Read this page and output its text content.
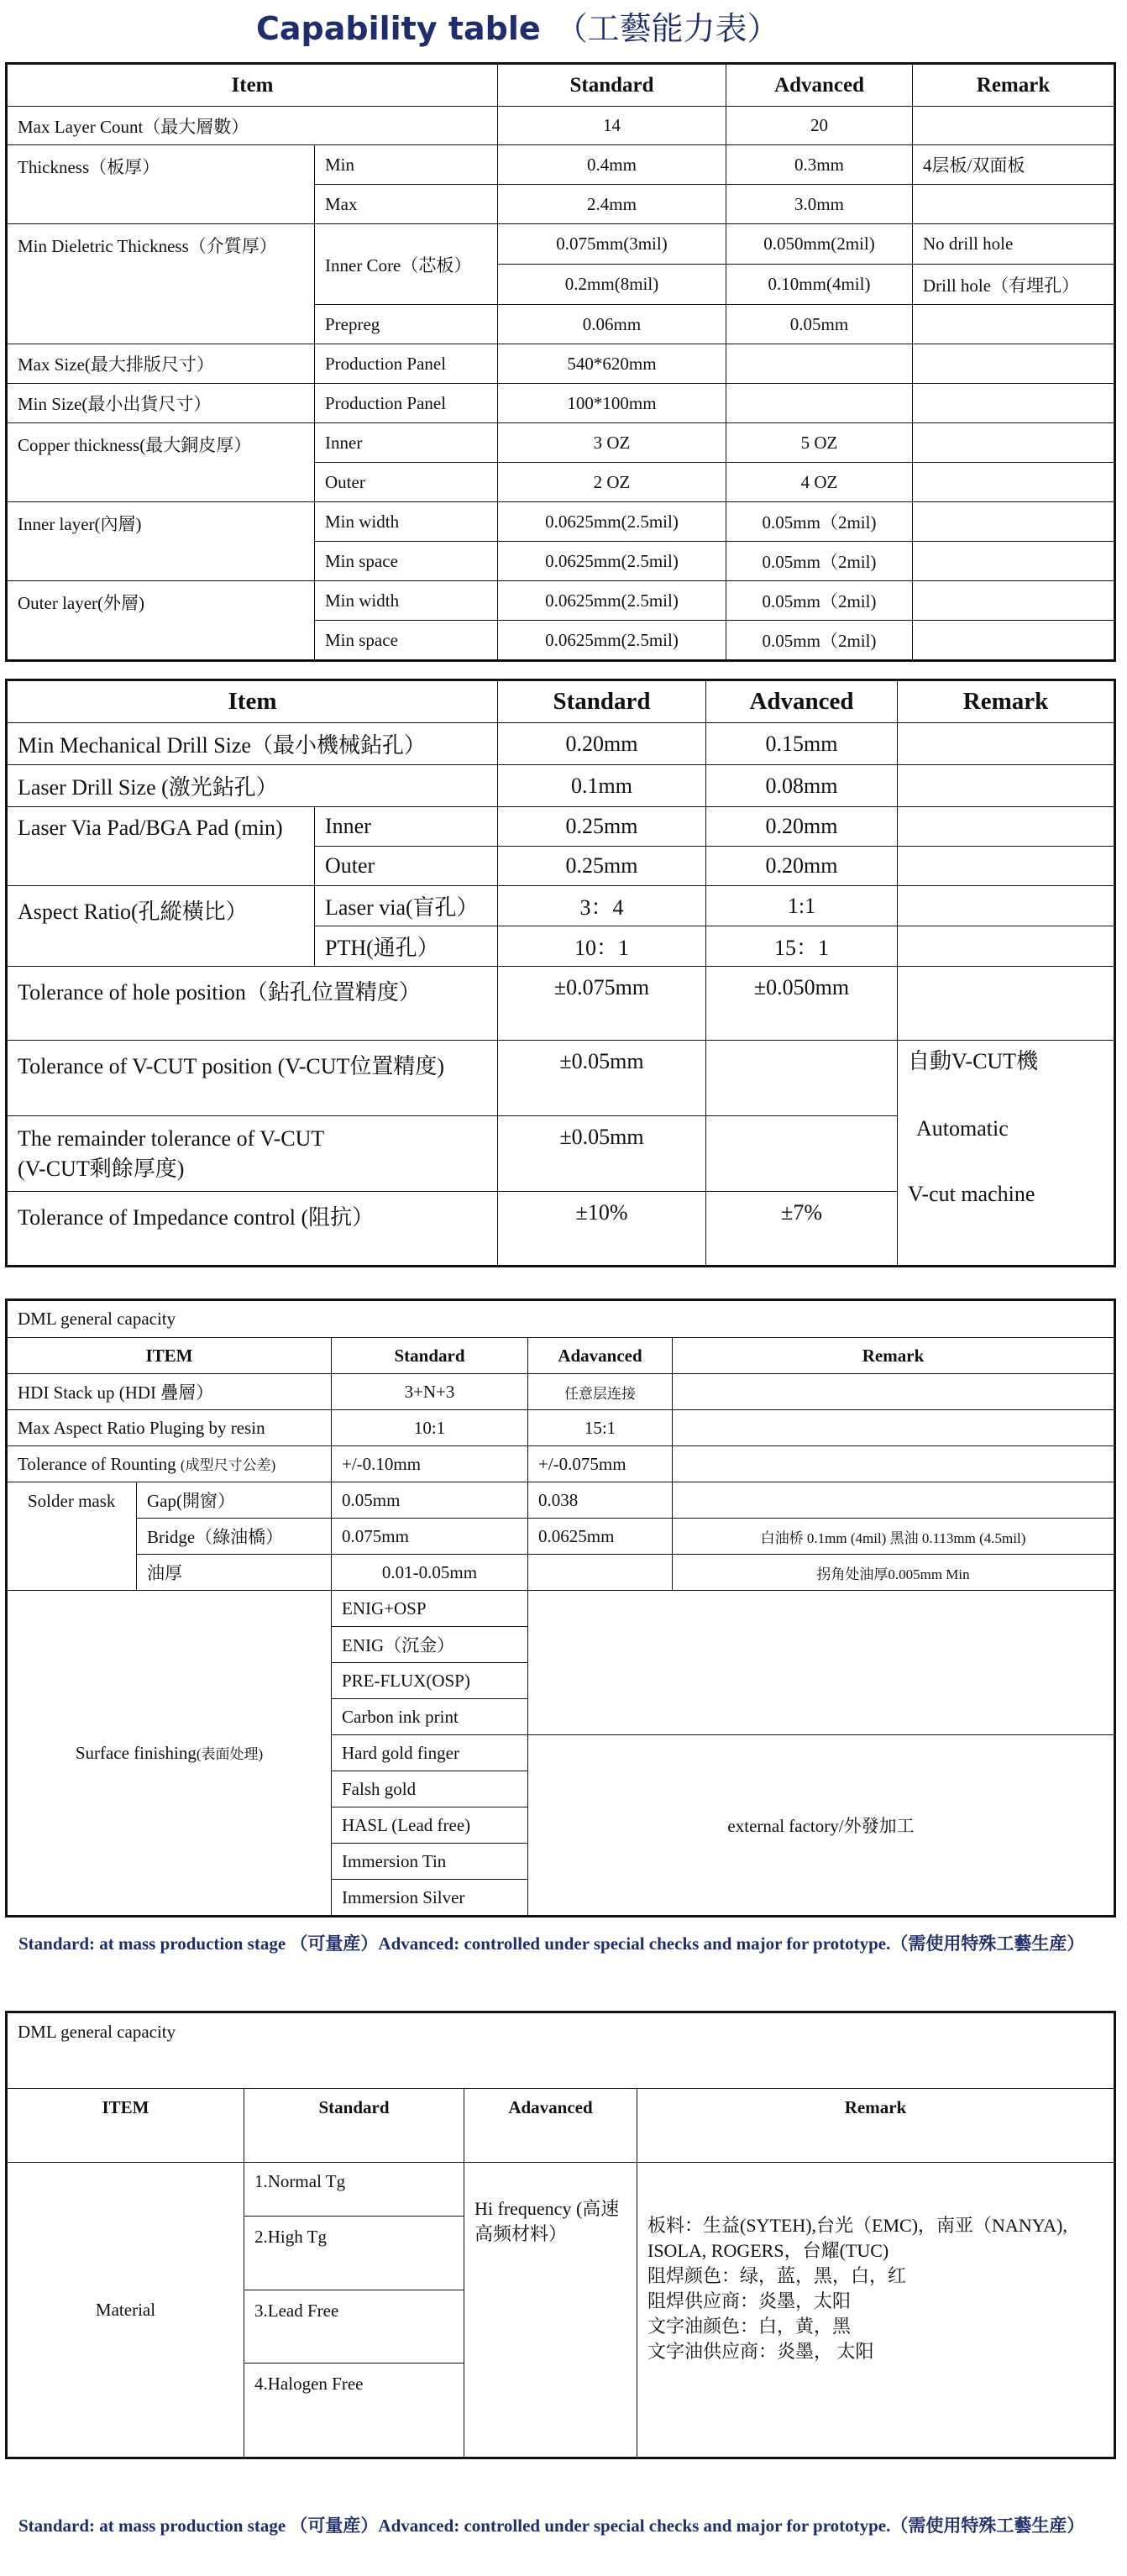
Capability table （工藝能力表）
Item		Standard	Advanced	Remark
Max Layer Count（最大層數）		14	20	
Thickness（板厚）	Min	0.4mm	0.3mm	4层板/双面板
	Max	2.4mm	3.0mm	
Min Dieletric Thickness（介質厚）	Inner Core（芯板）	0.075mm(3mil)	0.050mm(2mil)	No drill hole
		0.2mm(8mil)	0.10mm(4mil)	Drill hole（有埋孔）
	Prepreg	0.06mm	0.05mm	
Max Size(最大排版尺寸）	Production Panel	540*620mm		
Min Size(最小出貨尺寸）	Production Panel	100*100mm		
Copper thickness(最大銅皮厚）	Inner	3 OZ	5 OZ	
	Outer	2 OZ	4 OZ	
Inner layer(內層)	Min width	0.0625mm(2.5mil)	0.05mm（2mil)	
	Min space	0.0625mm(2.5mil)	0.05mm（2mil)	
Outer layer(外層)	Min width	0.0625mm(2.5mil)	0.05mm（2mil)	
	Min space	0.0625mm(2.5mil)	0.05mm（2mil)	
Item		Standard	Advanced	Remark
Min Mechanical Drill Size（最小機械鉆孔）		0.20mm	0.15mm	
Laser Drill Size (激光鉆孔）		0.1mm	0.08mm	
Laser Via Pad/BGA Pad (min)	Inner	0.25mm	0.20mm	
	Outer	0.25mm	0.20mm	
Aspect Ratio(孔縱橫比）	Laser via(盲孔）	3：4	1:1	
	PTH(通孔）	10：1	15：1	
Tolerance of hole position（鉆孔位置精度）		±0.075mm	±0.050mm	
Tolerance of V-CUT position (V-CUT位置精度)		±0.05mm		自動V-CUT機
Automatic
V-cut machine

The remainder tolerance of V-CUT
(V-CUT剩餘厚度)		±0.05mm		
Tolerance of Impedance control (阻抗）		±10%	±7%	
DML general capacity				
ITEM		Standard	Adavanced	Remark
HDI Stack up (HDI 疊層）		3+N+3	任意层连接	
Max Aspect Ratio Pluging by resin		10:1	15:1	
Tolerance of Rounting (成型尺寸公差)		+/-0.10mm	+/-0.075mm	
Solder mask	Gap(開窗）	0.05mm	0.038	
	Bridge（綠油橋）	0.075mm	0.0625mm	白油桥 0.1mm (4mil) 黑油 0.113mm (4.5mil)
	油厚	0.01-0.05mm		拐角处油厚0.005mm Min
Surface finishing(表面处理)		ENIG+OSP		
		ENIG（沉金）		
		PRE-FLUX(OSP)		
		Carbon ink print		
		Hard gold finger	external factory/外發加工	
		Falsh gold		
		HASL (Lead free)		
		Immersion Tin		
		Immersion Silver		
Standard: at mass production stage （可量産）Advanced: controlled under special checks and major for prototype.（需使用特殊工藝生産）
DML general capacity			
ITEM	Standard	Adavanced	Remark
Material	1.Normal Tg	Hi frequency (高速高频材料）	板料：生益(SYTEH),台光（EMC)，南亚（NANYA), ISOLA, ROGERS，台耀(TUC)
阻焊颜色：绿，蓝，黑，白，红
阻焊供应商：炎墨，太阳
文字油颜色：白，黄，黑
文字油供应商：炎墨， 太阳

	2.High Tg		
	3.Lead Free		
	4.Halogen Free		
Standard: at mass production stage （可量産）Advanced: controlled under special checks and major for prototype.（需使用特殊工藝生産）
